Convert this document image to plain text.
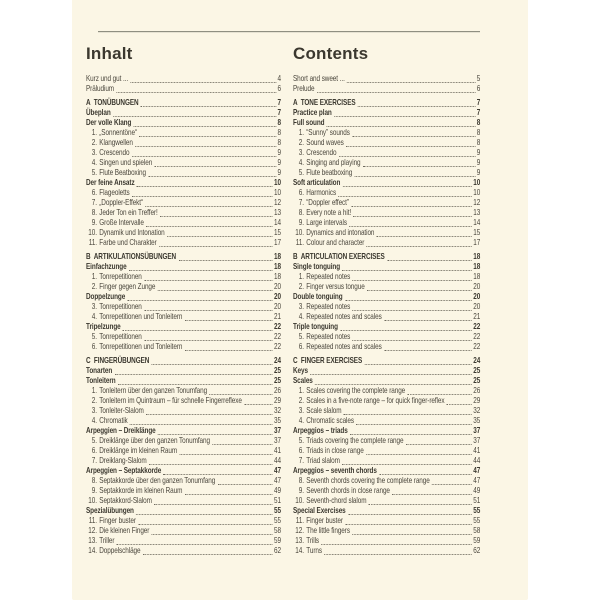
Inhalt	Contents
Kurz und gut ...	4
Präludium	6
A  TONÜBUNGEN	7
Übeplan	7
Der volle Klang	8
1. „Sonnentöne“	8
2. Klangwellen	8
3. Crescendo	9
4. Singen und spielen	9
5. Flute Beatboxing	9
Der feine Ansatz	10
6. Flageoletts	10
7. „Doppler-Effekt“	12
8. Jeder Ton ein Treffer!	13
9. Große Intervalle	14
10. Dynamik und Intonation	15
11. Farbe und Charakter	17
B  ARTIKULATIONSÜBUNGEN	18
Einfachzunge	18
1. Tonrepetitionen	18
2. Finger gegen Zunge	20
Doppelzunge	20
3. Tonrepetitionen	20
4. Tonrepetitionen und Tonleitern	21
Tripelzunge	22
5. Tonrepetitionen	22
6. Tonrepetitionen und Tonleitern	22
C  FINGERÜBUNGEN	24
Tonarten	25
Tonleitern	25
1. Tonleitern über den ganzen Tonumfang	26
2. Tonleitern im Quintraum – für schnelle Fingerreflexe	29
3. Tonleiter-Slalom	32
4. Chromatik	35
Arpeggien – Dreiklänge	37
5. Dreiklänge über den ganzen Tonumfang	37
6. Dreiklänge im kleinen Raum	41
7. Dreiklang-Slalom	44
Arpeggien – Septakkorde	47
8. Septakkorde über den ganzen Tonumfang	47
9. Septakkorde im kleinen Raum	49
10. Septakkord-Slalom	51
Spezialübungen	55
11. Finger buster	55
12. Die kleinen Finger	58
13. Triller	59
14. Doppelschläge	62
Short and sweet ...	5
Prelude	6
A  TONE EXERCISES	7
Practice plan	7
Full sound	8
1. “Sunny” sounds	8
2. Sound waves	8
3. Crescendo	9
4. Singing and playing	9
5. Flute beatboxing	9
Soft articulation	10
6. Harmonics	10
7. “Doppler effect”	12
8. Every note a hit!	13
9. Large intervals	14
10. Dynamics and intonation	15
11. Colour and character	17
B  ARTICULATION EXERCISES	18
Single tonguing	18
1. Repeated notes	18
2. Finger versus tongue	20
Double tonguing	20
3. Repeated notes	20
4. Repeated notes and scales	21
Triple tonguing	22
5. Repeated notes	22
6. Repeated notes and scales	22
C  FINGER EXERCISES	24
Keys	25
Scales	25
1. Scales covering the complete range	26
2. Scales in a five-note range – for quick finger-reflex	29
3. Scale slalom	32
4. Chromatic scales	35
Arpeggios – triads	37
5. Triads covering the complete range	37
6. Triads in close range	41
7. Triad slalom	44
Arpeggios – seventh chords	47
8. Seventh chords covering the complete range	47
9. Seventh chords in close range	49
10. Seventh-chord slalom	51
Special Exercises	55
11. Finger buster	55
12. The little fingers	58
13. Trills	59
14. Turns	62
